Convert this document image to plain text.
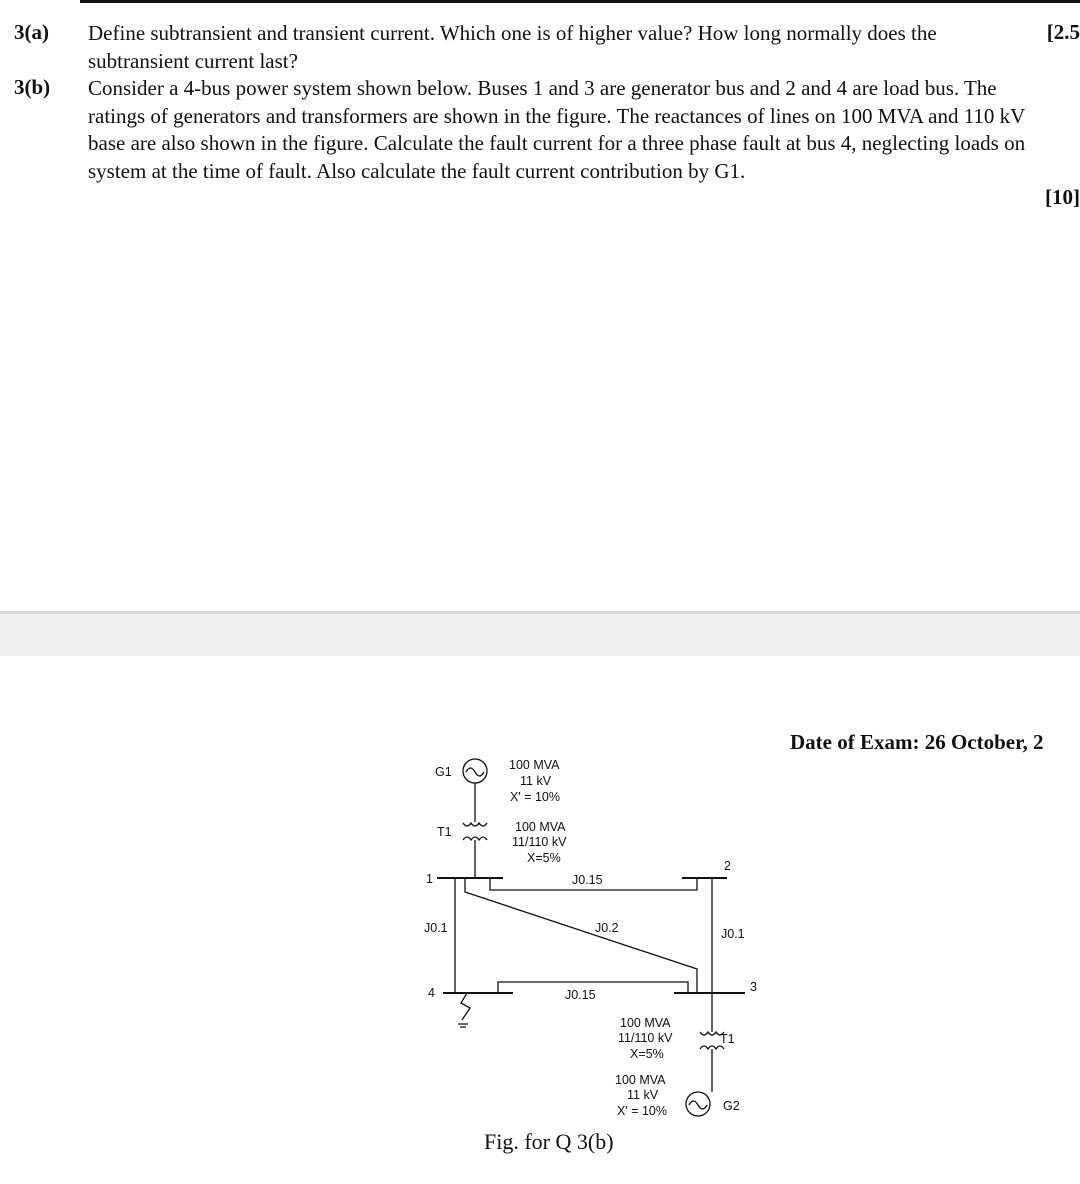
3(a) Define subtransient and transient current. Which one is of higher value? How long normally does the subtransient current last?
[2.5
3(b) Consider a 4-bus power system shown below. Buses 1 and 3 are generator bus and 2 and 4 are load bus. The ratings of generators and transformers are shown in the figure. The reactances of lines on 100 MVA and 110 kV base are also shown in the figure. Calculate the fault current for a three phase fault at bus 4, neglecting loads on system at the time of fault. Also calculate the fault current contribution by G1.
[10]
Date of Exam: 26 October, 2
G1	100 MVA
11 kV
X' = 10%
T1	100 MVA
11/110 kV
X=5%
1
2
3
4
J0.15
J0.2
J0.1	J0.1
J0.15
100 MVA
11/110 kV
X=5%
T1
100 MVA
11 kV
X' = 10%	G2
Fig. for Q 3(b)
